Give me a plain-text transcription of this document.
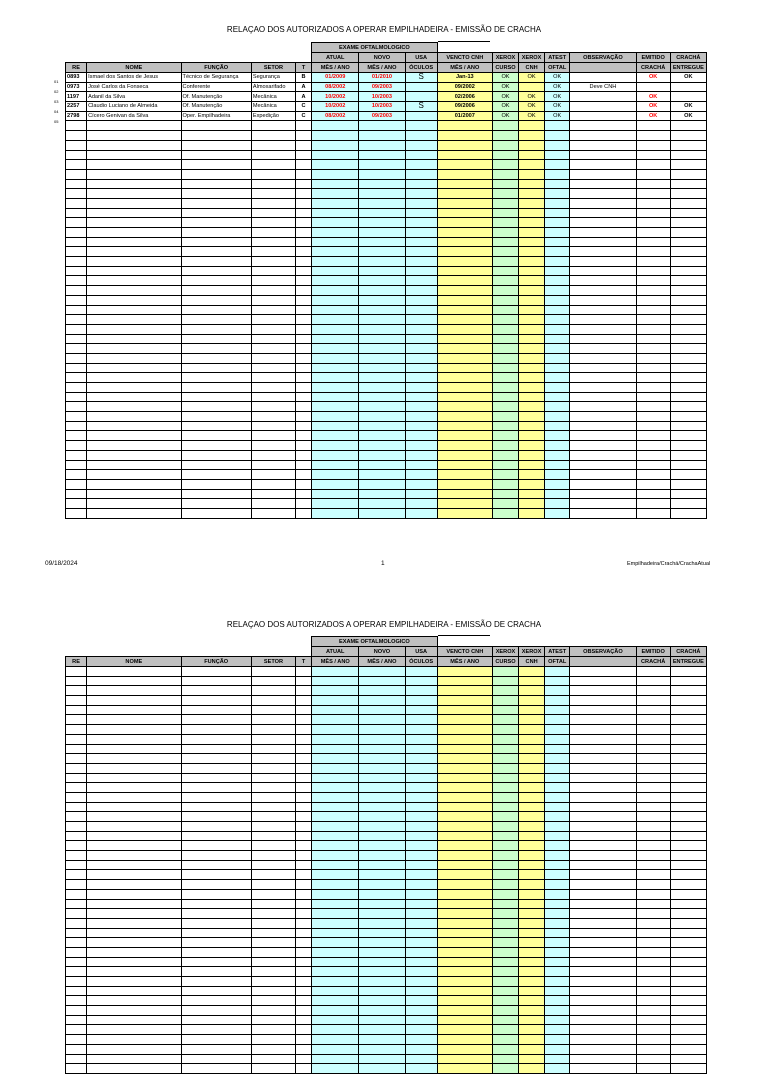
RELAÇAO DOS AUTORIZADOS A OPERAR EMPILHADEIRA - EMISSÃO DE CRACHA
					EXAME OFTALMOLOGICO									
					ATUAL	NOVO	USA	VENCTO CNH	XEROX	XEROX	ATEST	OBSERVAÇÃO	EMITIDO	CRACHÁ
RE	NOME	FUNÇÃO	SETOR	T	MÊS / ANO	MÊS / ANO	ÓCULOS	MÊS / ANO	CURSO	CNH	OFTAL		CRACHÁ	ENTREGUE
0893	Ismael dos Santos de Jesus	Técnico de Segurança	Segurança	B	01/2009	01/2010	S	Jan-13	OK	OK	OK		OK	OK
0973	José Carlos da Fonseca	Conferente	Almoxarifado	A	08/2002	09/2003		09/2002	OK		OK	Deve CNH		
1197	Adanil da Silva	Of. Manutenção	Mecânica	A	10/2002	10/2003		02/2006	OK	OK	OK		OK	
2257	Claudio Luciano de Almeida	Of. Manutenção	Mecânica	C	10/2002	10/2003	S	09/2006	OK	OK	OK		OK	OK
2798	Cícero Genivan da Silva	Oper. Empilhadeira	Expedição	C	08/2002	09/2003		01/2007	OK	OK	OK		OK	OK

09/18/2024	1	Empilhadeira/Crachá/CrachaAtual
01
02
03
04
05
RELAÇAO DOS AUTORIZADOS A OPERAR EMPILHADEIRA - EMISSÃO DE CRACHA
					EXAME OFTALMOLOGICO									
					ATUAL	NOVO	USA	VENCTO CNH	XEROX	XEROX	ATEST	OBSERVAÇÃO	EMITIDO	CRACHÁ
RE	NOME	FUNÇÃO	SETOR	T	MÊS / ANO	MÊS / ANO	ÓCULOS	MÊS / ANO	CURSO	CNH	OFTAL		CRACHÁ	ENTREGUE
